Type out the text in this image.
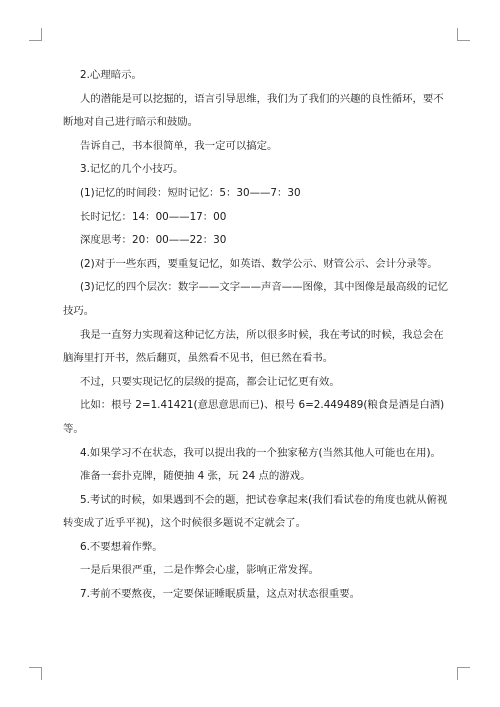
2.心理暗示。

人的潜能是可以挖掘的，语言引导思维，我们为了我们的兴趣的良性循环，要不

断地对自己进行暗示和鼓励。

告诉自己，书本很简单，我一定可以搞定。

3.记忆的几个小技巧。

(1)记忆的时间段：短时记忆：5：30——7：30

长时记忆：14：00——17：00

深度思考：20：00——22：30

(2)对于一些东西，要重复记忆，如英语、数学公示、财管公示、会计分录等。

(3)记忆的四个层次：数字——文字——声音——图像，其中图像是最高级的记忆

技巧。

我是一直努力实现着这种记忆方法，所以很多时候，我在考试的时候，我总会在

脑海里打开书，然后翻页，虽然看不见书，但已然在看书。

不过，只要实现记忆的层级的提高，都会让记忆更有效。

比如：根号 2=1.41421(意思意思而已)、根号 6=2.449489(粮食是酒是白酒)

等。

4.如果学习不在状态，我可以提出我的一个独家秘方(当然其他人可能也在用)。

准备一套扑克牌，随便抽 4 张，玩 24 点的游戏。

5.考试的时候，如果遇到不会的题，把试卷拿起来(我们看试卷的角度也就从俯视

转变成了近乎平视)，这个时候很多题说不定就会了。

6.不要想着作弊。

一是后果很严重，二是作弊会心虚，影响正常发挥。

7.考前不要熬夜，一定要保证睡眠质量，这点对状态很重要。
